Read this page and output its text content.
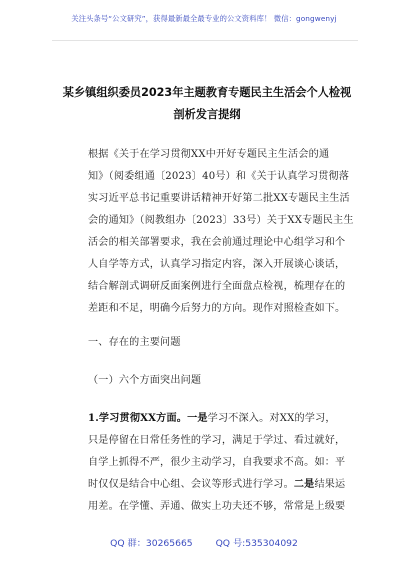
关注头条号“公文研究”，获得最新最全最专业的公文资料库！ 微信：gongwenyj
某乡镇组织委员2023年主题教育专题民主生活会个人检视
剖析发言提纲
根据《关于在学习贯彻XX中开好专题民主生活会的通
知》（阅委组通〔2023〕40号）和《关于认真学习贯彻落
实习近平总书记重要讲话精神开好第二批XX专题民主生活
会的通知》（阅教组办〔2023〕33号）关于XX专题民主生
活会的相关部署要求，我在会前通过理论中心组学习和个
人自学等方式，认真学习指定内容，深入开展谈心谈话，
结合解剖式调研反面案例进行全面盘点检视，梳理存在的
差距和不足，明确今后努力的方向。现作对照检查如下。
一、存在的主要问题
（一）六个方面突出问题
1.学习贯彻XX方面。一是学习不深入。对XX的学习，
只是停留在日常任务性的学习，满足于学过、看过就好，
自学上抓得不严，很少主动学习，自我要求不高。如：平
时仅仅是结合中心组、会议等形式进行学习。二是结果运
用差。在学懂、弄通、做实上功夫还不够，常常是上级要
QQ 群：30265665 QQ 号:535304092
